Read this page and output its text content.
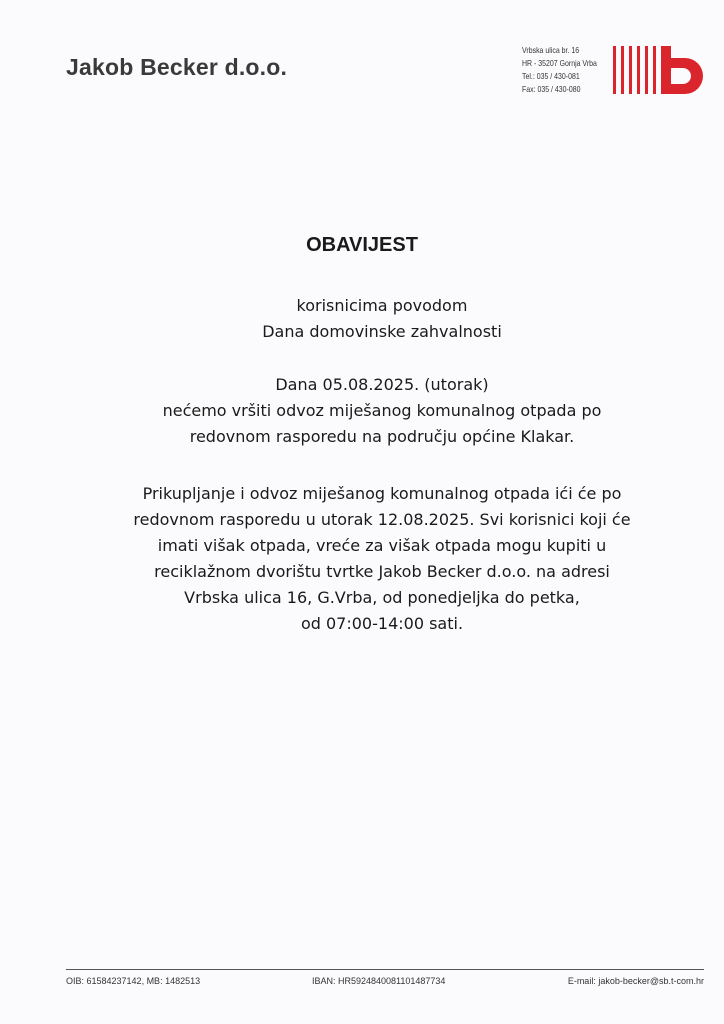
Jakob Becker d.o.o.
Vrbska ulica br. 16
HR - 35207 Gornja Vrba
Tel.: 035 / 430-081
Fax: 035 / 430-080
OBAVIJEST
korisnicima povodom
Dana domovinske zahvalnosti
Dana 05.08.2025. (utorak)
nećemo vršiti odvoz miješanog komunalnog otpada po
redovnom rasporedu na području općine Klakar.
Prikupljanje i odvoz miješanog komunalnog otpada ići će po
redovnom rasporedu u utorak 12.08.2025. Svi korisnici koji će
imati višak otpada, vreće za višak otpada mogu kupiti u
reciklažnom dvorištu tvrtke Jakob Becker d.o.o. na adresi
Vrbska ulica 16, G.Vrba, od ponedjeljka do petka,
od 07:00-14:00 sati.
OIB: 61584237142, MB: 1482513	IBAN: HR5924840081101487734	E-mail: jakob-becker@sb.t-com.hr
